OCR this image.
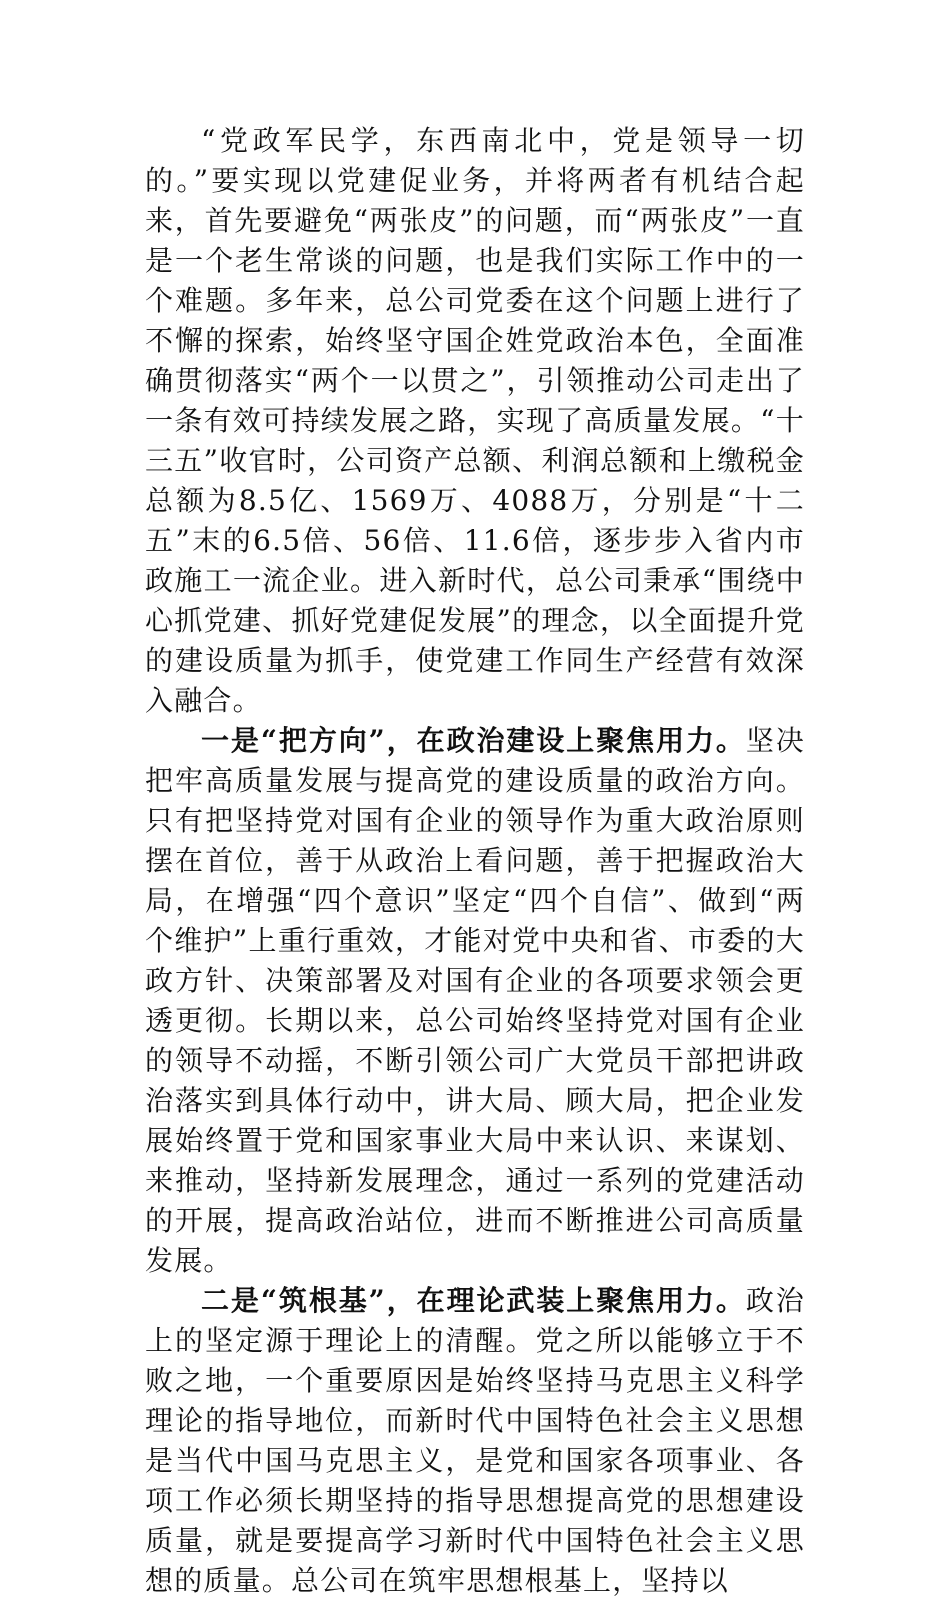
“党政军民学，东西南北中，党是领导一切的。”要实现以党建促业务，并将两者有机结合起来，首先要避免“两张皮”的问题，而“两张皮”一直是一个老生常谈的问题，也是我们实际工作中的一个难题。多年来，总公司党委在这个问题上进行了不懈的探索，始终坚守国企姓党政治本色，全面准确贯彻落实“两个一以贯之”，引领推动公司走出了一条有效可持续发展之路，实现了高质量发展。“十三五”收官时，公司资产总额、利润总额和上缴税金总额为8.5亿、1569万、4088万，分别是“十二五”末的6.5倍、56倍、11.6倍，逐步步入省内市政施工一流企业。进入新时代，总公司秉承“围绕中心抓党建、抓好党建促发展”的理念，以全面提升党的建设质量为抓手，使党建工作同生产经营有效深入融合。

一是“把方向”，在政治建设上聚焦用力。坚决把牢高质量发展与提高党的建设质量的政治方向。只有把坚持党对国有企业的领导作为重大政治原则摆在首位，善于从政治上看问题，善于把握政治大局，在增强“四个意识”坚定“四个自信”、做到“两个维护”上重行重效，才能对党中央和省、市委的大政方针、决策部署及对国有企业的各项要求领会更透更彻。长期以来，总公司始终坚持党对国有企业的领导不动摇，不断引领公司广大党员干部把讲政治落实到具体行动中，讲大局、顾大局，把企业发展始终置于党和国家事业大局中来认识、来谋划、来推动，坚持新发展理念，通过一系列的党建活动的开展，提高政治站位，进而不断推进公司高质量发展。

二是“筑根基”，在理论武装上聚焦用力。政治上的坚定源于理论上的清醒。党之所以能够立于不败之地，一个重要原因是始终坚持马克思主义科学理论的指导地位，而新时代中国特色社会主义思想是当代中国马克思主义，是党和国家各项事业、各项工作必须长期坚持的指导思想提高党的思想建设质量，就是要提高学习新时代中国特色社会主义思想的质量。总公司在筑牢思想根基上，坚持以
